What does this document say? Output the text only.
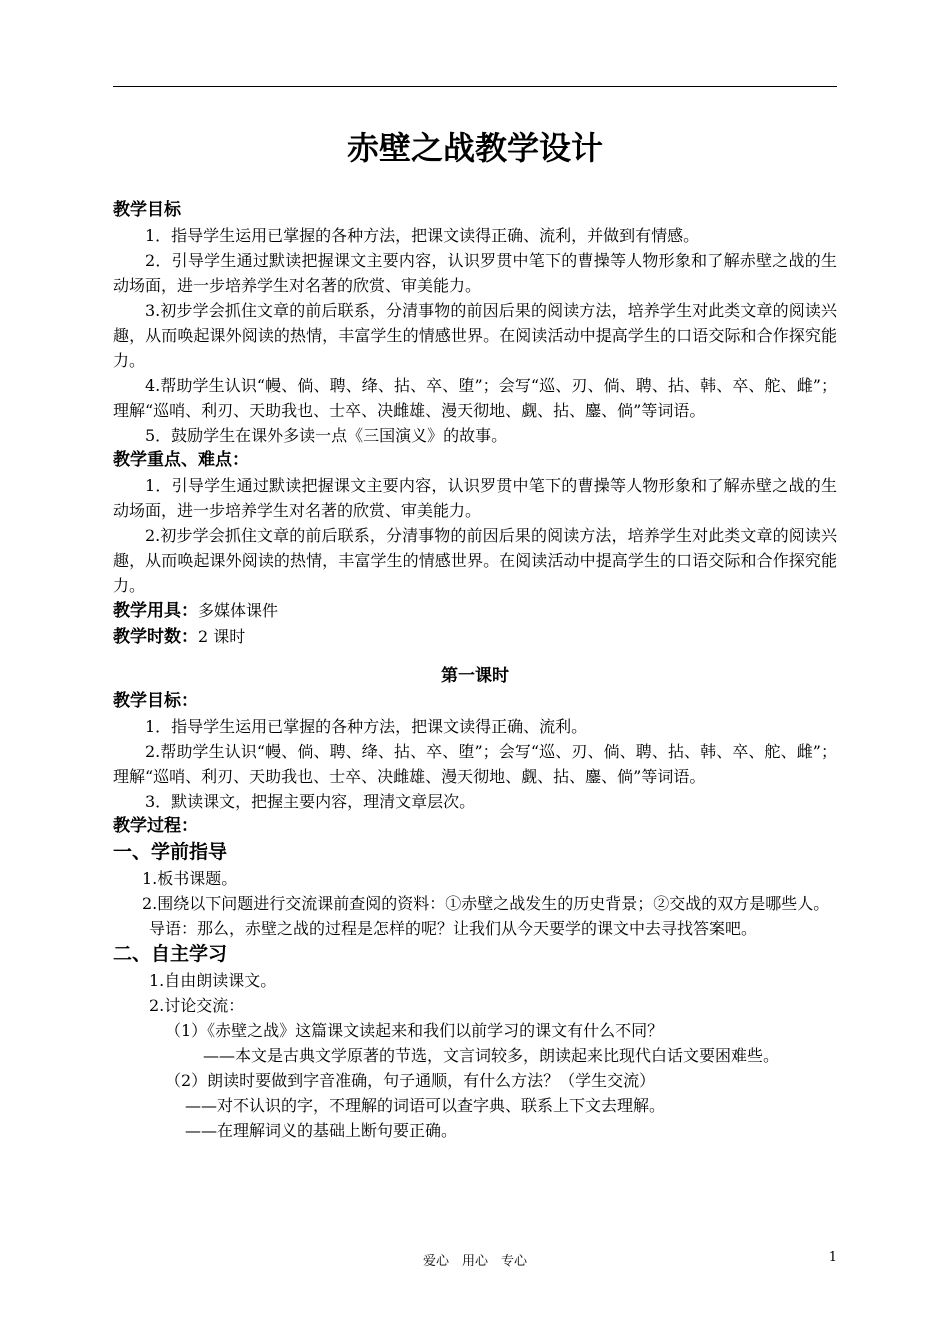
赤壁之战教学设计

教学目标

1．指导学生运用已掌握的各种方法，把课文读得正确、流利，并做到有情感。

2．引导学生通过默读把握课文主要内容，认识罗贯中笔下的曹操等人物形象和了解赤壁之战的生动场面，进一步培养学生对名著的欣赏、审美能力。

3.初步学会抓住文章的前后联系，分清事物的前因后果的阅读方法，培养学生对此类文章的阅读兴趣，从而唤起课外阅读的热情，丰富学生的情感世界。在阅读活动中提高学生的口语交际和合作探究能力。

4.帮助学生认识“幔、倘、聘、绛、拈、卒、堕”；会写“巡、刃、倘、聘、拈、韩、卒、舵、雌”；理解“巡哨、利刃、天助我也、士卒、决雌雄、漫天彻地、觑、拈、鏖、倘”等词语。

5．鼓励学生在课外多读一点《三国演义》的故事。

教学重点、难点：

1．引导学生通过默读把握课文主要内容，认识罗贯中笔下的曹操等人物形象和了解赤壁之战的生动场面，进一步培养学生对名著的欣赏、审美能力。

2.初步学会抓住文章的前后联系，分清事物的前因后果的阅读方法，培养学生对此类文章的阅读兴趣，从而唤起课外阅读的热情，丰富学生的情感世界。在阅读活动中提高学生的口语交际和合作探究能力。

教学用具：多媒体课件

教学时数：2 课时

第一课时

教学目标：

1．指导学生运用已掌握的各种方法，把课文读得正确、流利。

2.帮助学生认识“幔、倘、聘、绛、拈、卒、堕”；会写“巡、刃、倘、聘、拈、韩、卒、舵、雌”；理解“巡哨、利刃、天助我也、士卒、决雌雄、漫天彻地、觑、拈、鏖、倘”等词语。

3．默读课文，把握主要内容，理清文章层次。

教学过程：

一、学前指导

1.板书课题。

2.围绕以下问题进行交流课前查阅的资料：①赤壁之战发生的历史背景；②交战的双方是哪些人。

导语：那么，赤壁之战的过程是怎样的呢？让我们从今天要学的课文中去寻找答案吧。

二、自主学习

1.自由朗读课文。

2.讨论交流：

（1）《赤壁之战》这篇课文读起来和我们以前学习的课文有什么不同？

——本文是古典文学原著的节选，文言词较多，朗读起来比现代白话文要困难些。

（2）朗读时要做到字音准确，句子通顺，有什么方法？（学生交流）

——对不认识的字，不理解的词语可以查字典、联系上下文去理解。

——在理解词义的基础上断句要正确。

爱心　用心　专心	1
